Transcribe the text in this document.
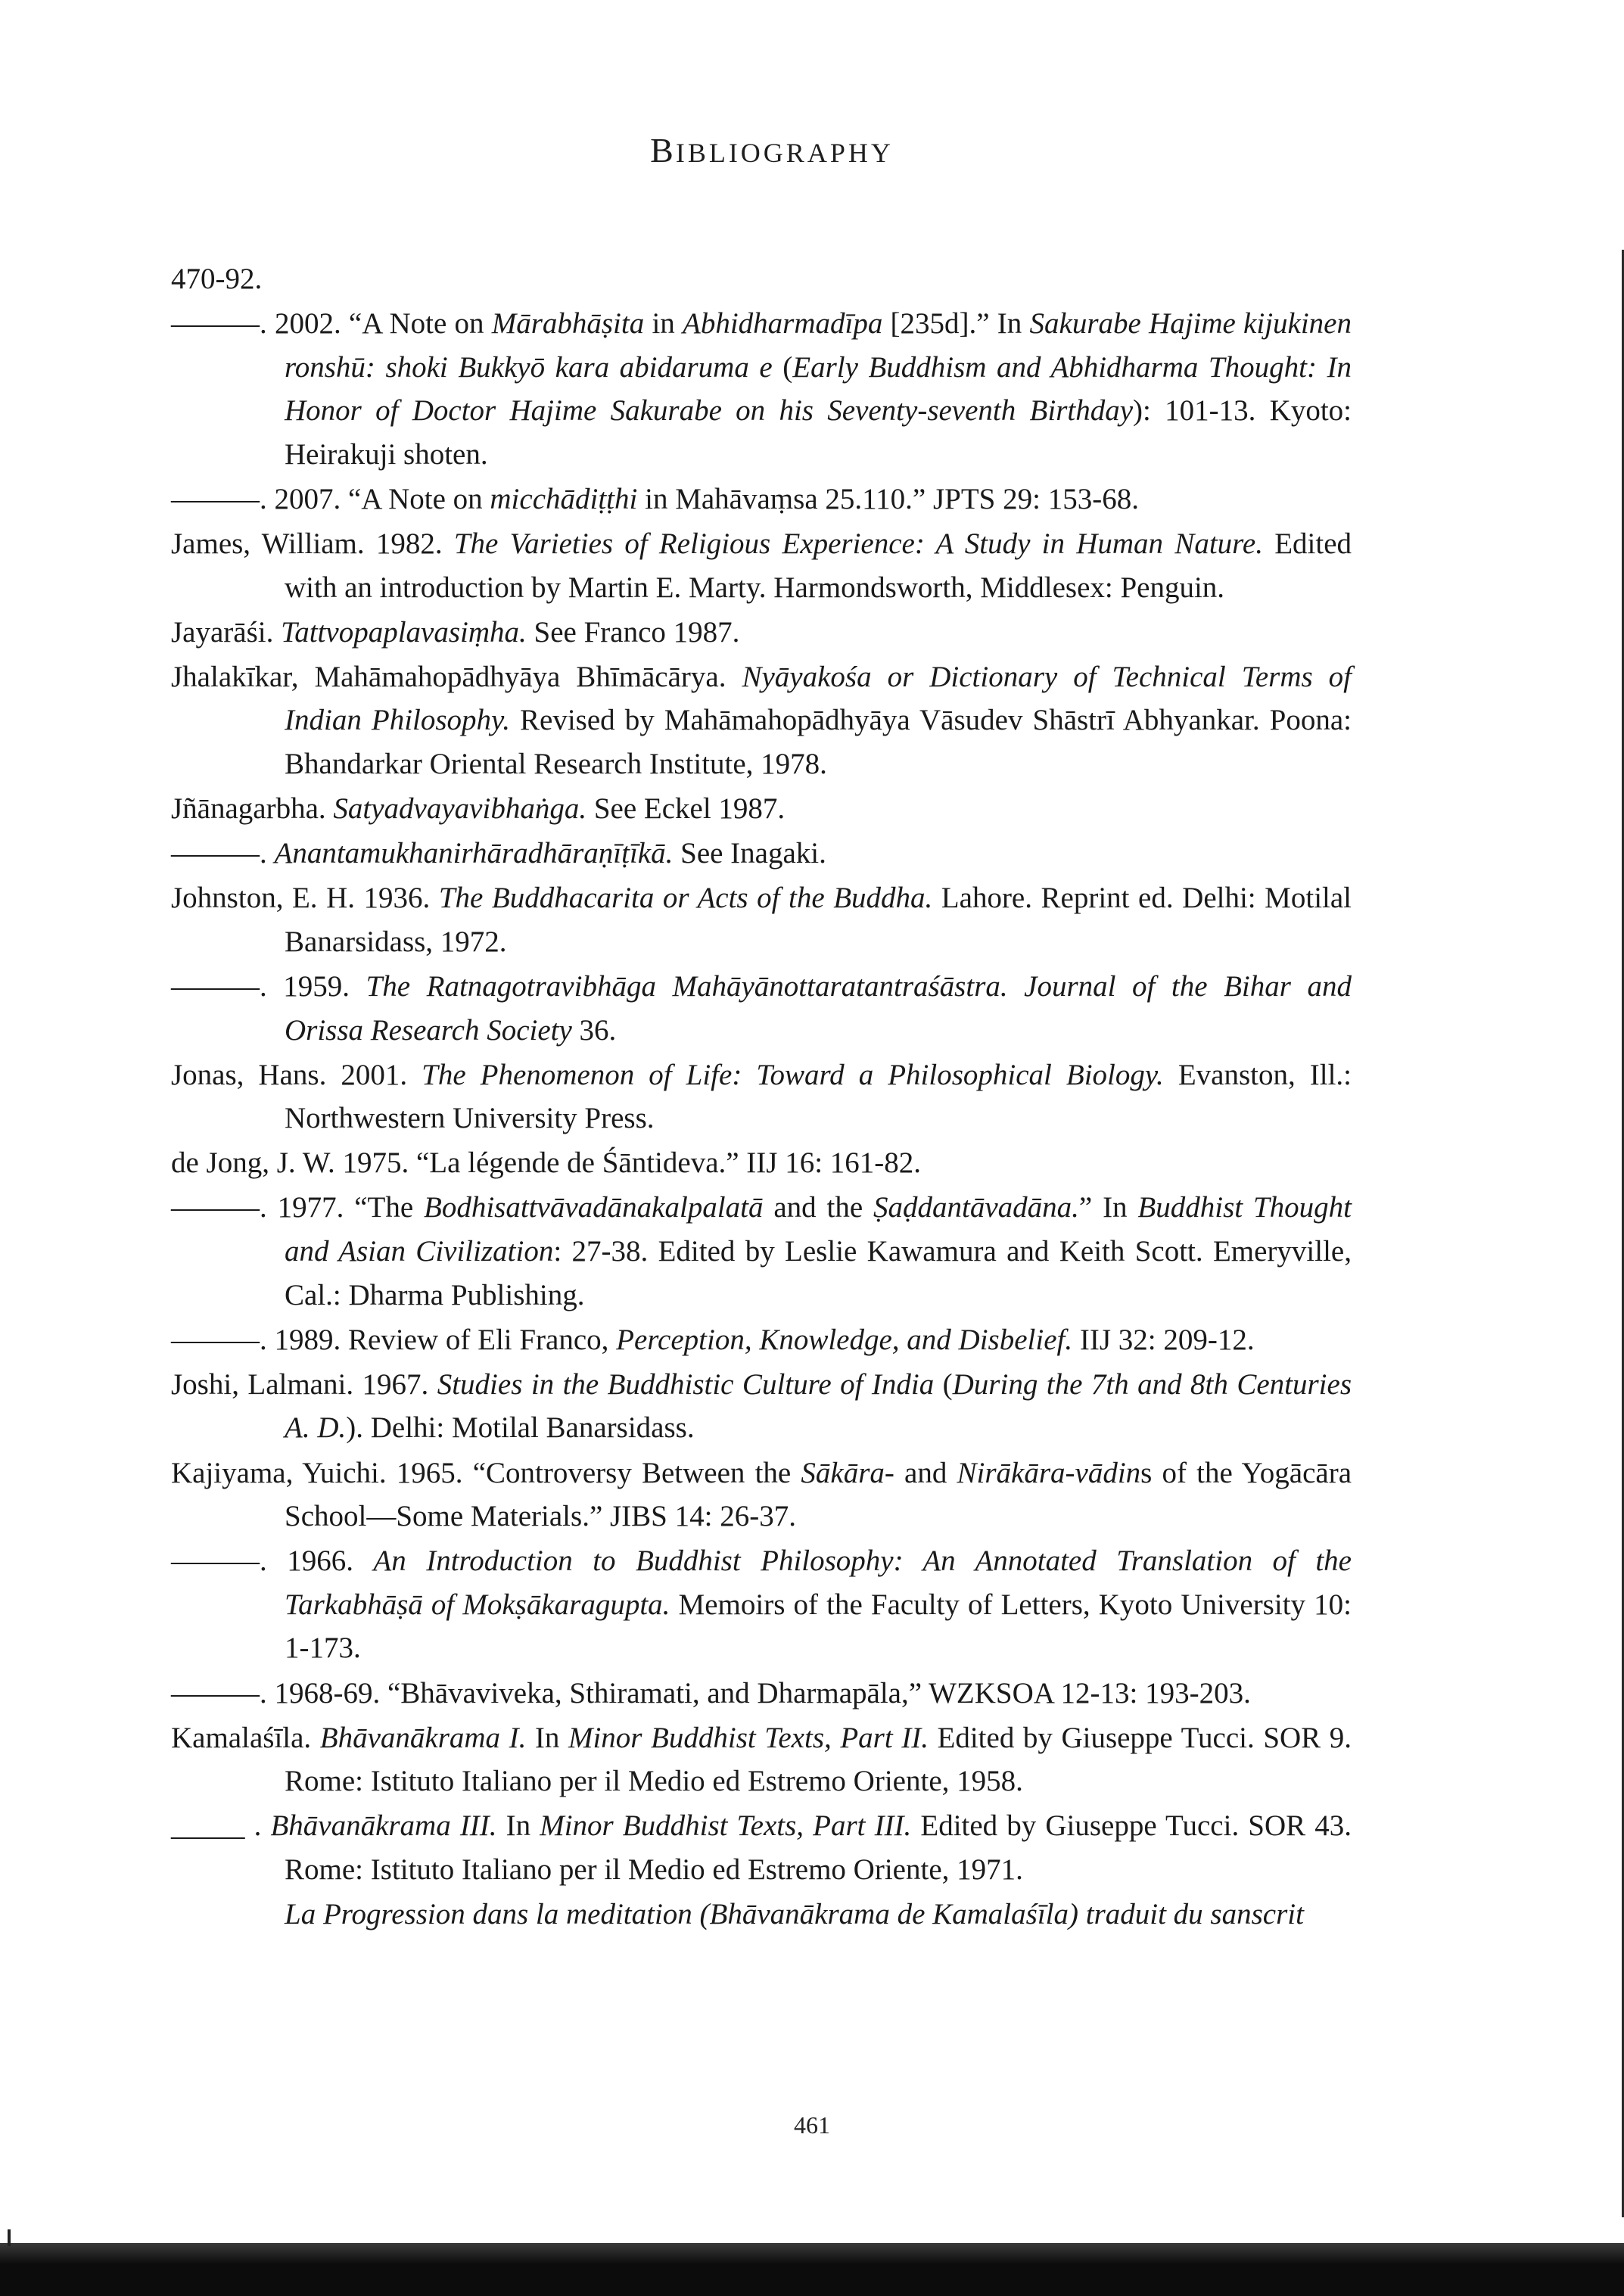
BIBLIOGRAPHY

470-92.

———. 2002. “A Note on Mārabhāṣita in Abhidharmadīpa [235d].” In Sakurabe Hajime kijukinen ronshū: shoki Bukkyō kara abidaruma e (Early Buddhism and Abhidharma Thought: In Honor of Doctor Hajime Sakurabe on his Seventy-seventh Birthday): 101-13. Kyoto: Heirakuji shoten.

———. 2007. “A Note on micchādiṭṭhi in Mahāvaṃsa 25.110.” JPTS 29: 153-68.

James, William. 1982. The Varieties of Religious Experience: A Study in Human Nature. Edited with an introduction by Martin E. Marty. Harmondsworth, Middlesex: Penguin.

Jayarāśi. Tattvopaplavasiṃha. See Franco 1987.

Jhalakīkar, Mahāmahopādhyāya Bhīmācārya. Nyāyakośa or Dictionary of Technical Terms of Indian Philosophy. Revised by Mahāmahopādhyāya Vāsudev Shāstrī Abhyankar. Poona: Bhandarkar Oriental Research Institute, 1978.

Jñānagarbha. Satyadvayavibhaṅga. See Eckel 1987.

———. Anantamukhanirhāradhāraṇīṭīkā. See Inagaki.

Johnston, E. H. 1936. The Buddhacarita or Acts of the Buddha. Lahore. Reprint ed. Delhi: Motilal Banarsidass, 1972.

———. 1959. The Ratnagotravibhāga Mahāyānottaratantraśāstra. Journal of the Bihar and Orissa Research Society 36.

Jonas, Hans. 2001. The Phenomenon of Life: Toward a Philosophical Biology. Evanston, Ill.: Northwestern University Press.

de Jong, J. W. 1975. “La légende de Śāntideva.” IIJ 16: 161-82.

———. 1977. “The Bodhisattvāvadānakalpalatā and the Ṣaḍdantāvadāna.” In Buddhist Thought and Asian Civilization: 27-38. Edited by Leslie Kawamura and Keith Scott. Emeryville, Cal.: Dharma Publishing.

———. 1989. Review of Eli Franco, Perception, Knowledge, and Disbelief. IIJ 32: 209-12.

Joshi, Lalmani. 1967. Studies in the Buddhistic Culture of India (During the 7th and 8th Centuries A. D.). Delhi: Motilal Banarsidass.

Kajiyama, Yuichi. 1965. “Controversy Between the Sākāra- and Nirākāra-vādins of the Yogācāra School—Some Materials.” JIBS 14: 26-37.

———. 1966. An Introduction to Buddhist Philosophy: An Annotated Translation of the Tarkabhāṣā of Mokṣākaragupta. Memoirs of the Faculty of Letters, Kyoto University 10: 1-173.

———. 1968-69. “Bhāvaviveka, Sthiramati, and Dharmapāla,” WZKSOA 12-13: 193-203.

Kamalaśīla. Bhāvanākrama I. In Minor Buddhist Texts, Part II. Edited by Giuseppe Tucci. SOR 9. Rome: Istituto Italiano per il Medio ed Estremo Oriente, 1958.

_____ . Bhāvanākrama III. In Minor Buddhist Texts, Part III. Edited by Giuseppe Tucci. SOR 43. Rome: Istituto Italiano per il Medio ed Estremo Oriente, 1971.

La Progression dans la meditation (Bhāvanākrama de Kamalaśīla) traduit du sanscrit

461
